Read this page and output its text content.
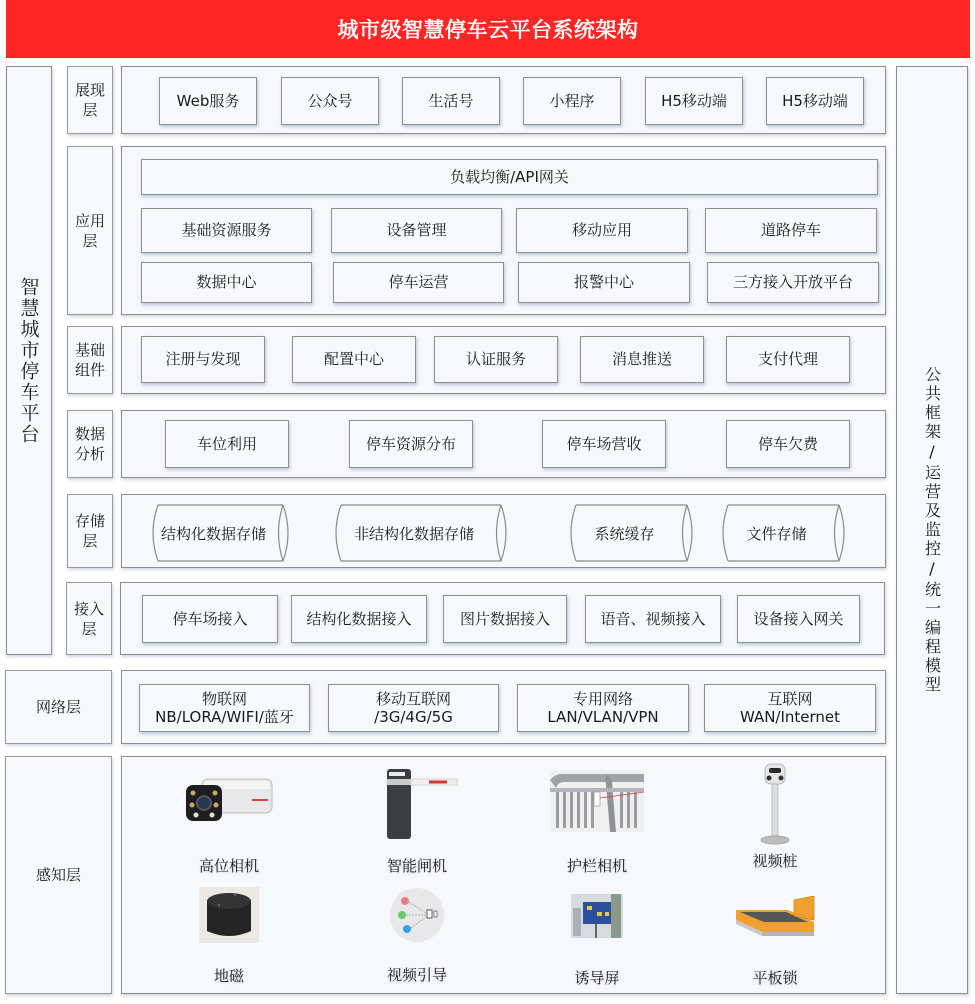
城市级智慧停车云平台系统架构
智慧城市停车平台
公共框架/运营及监控/统一编程模型
展现层
Web服务	公众号	生活号	小程序	H5移动端	H5移动端
应用层
负载均衡/API网关
基础资源服务	设备管理	移动应用	道路停车
数据中心	停车运营	报警中心	三方接入开放平台
基础组件
注册与发现	配置中心	认证服务	消息推送	支付代理
数据分析
车位利用	停车资源分布	停车场营收	停车欠费
存储层	结构化数据存储	非结构化数据存储	系统缓存	文件存储
接入层
停车场接入	结构化数据接入	图片数据接入	语音、视频接入	设备接入网关
网络层	物联网
NB/LORA/WIFI/蓝牙
移动互联网
/3G/4G/5G
专用网络
LAN/VLAN/VPN
互联网
WAN/Internet
感知层	高位相机	智能闸机	护栏相机	视频桩
地磁	视频引导	诱导屏	平板锁
